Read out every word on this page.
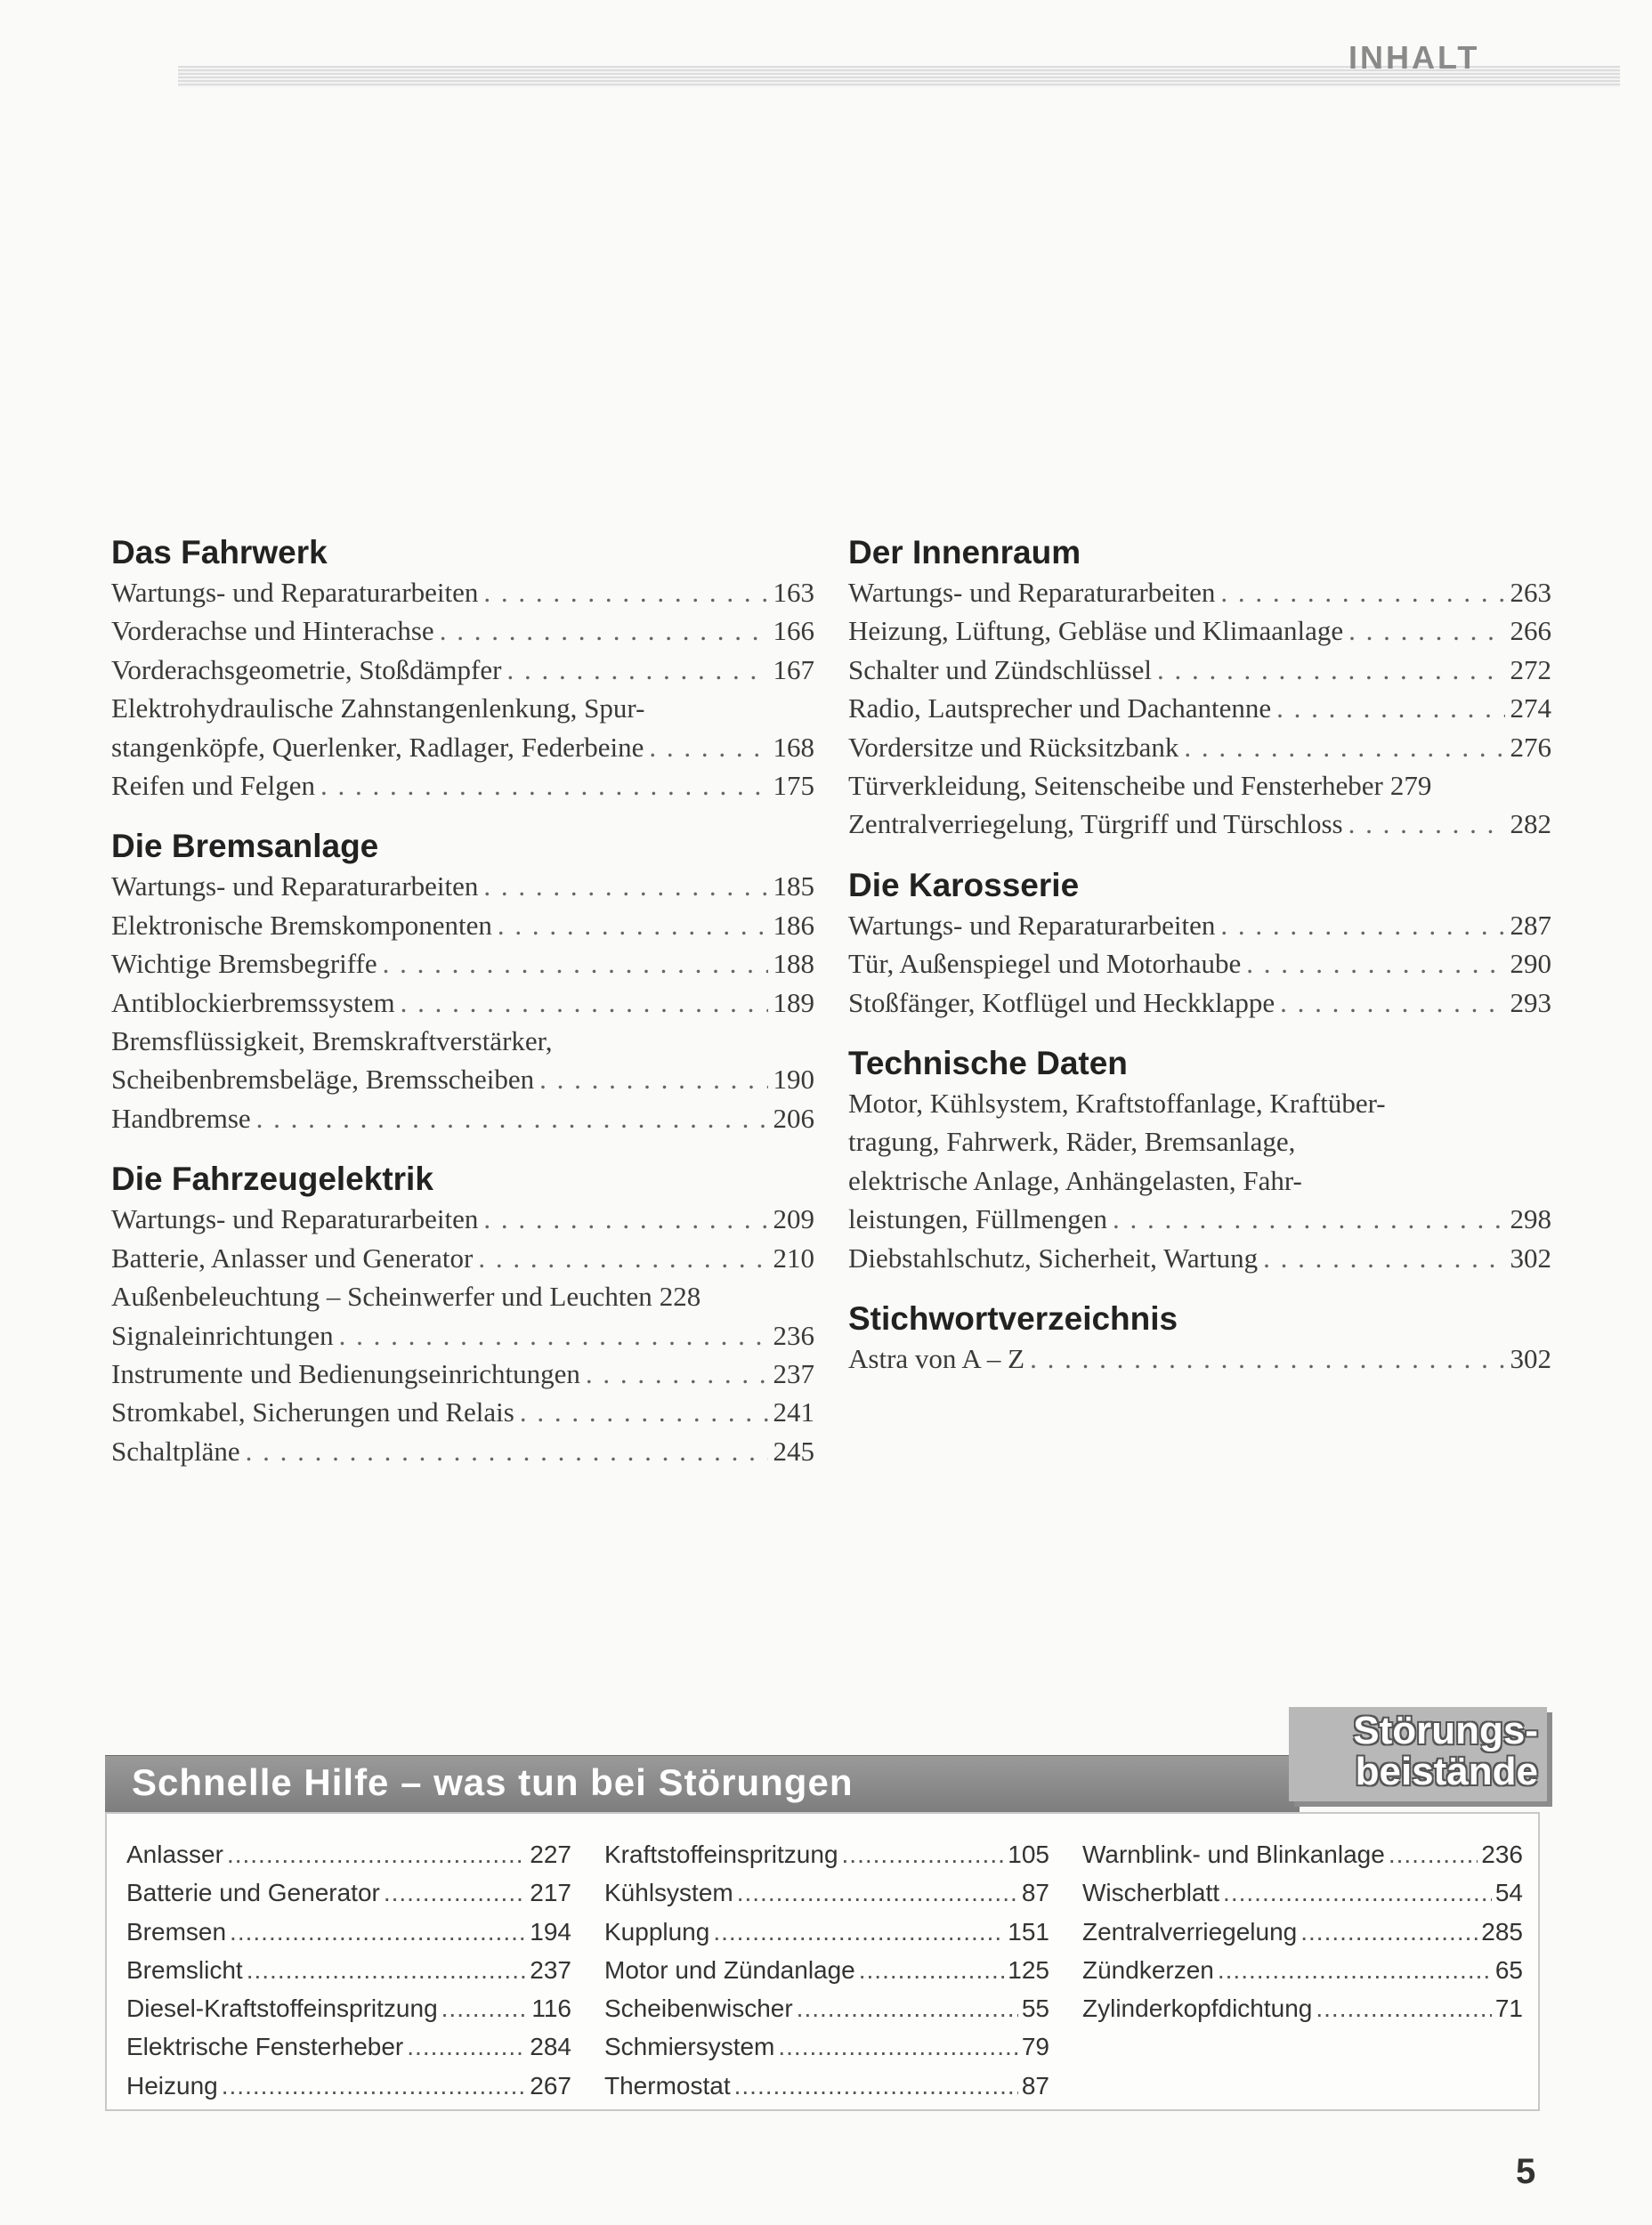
INHALT
Das Fahrwerk
Wartungs- und Reparaturarbeiten . . .	163
Vorderachse und Hinterachse . . .	166
Vorderachsgeometrie, Stoßdämpfer . . .	167
Elektrohydraulische Zahnstangenlenkung, Spur-
stangenköpfe, Querlenker, Radlager, Federbeine . . .	168
Reifen und Felgen . . .	175
Die Bremsanlage
Wartungs- und Reparaturarbeiten . . .	185
Elektronische Bremskomponenten . . .	186
Wichtige Bremsbegriffe . . .	188
Antiblockierbremssystem . . .	189
Bremsflüssigkeit, Bremskraftverstärker,
Scheibenbremsbeläge, Bremsscheiben . . .	190
Handbremse . . .	206
Die Fahrzeugelektrik
Wartungs- und Reparaturarbeiten . . .	209
Batterie, Anlasser und Generator . . .	210
Außenbeleuchtung – Scheinwerfer und Leuchten 228
Signaleinrichtungen . . .	236
Instrumente und Bedienungseinrichtungen . . .	237
Stromkabel, Sicherungen und Relais . . .	241
Schaltpläne . . .	245
Der Innenraum
Wartungs- und Reparaturarbeiten . . .	263
Heizung, Lüftung, Gebläse und Klimaanlage . . .	266
Schalter und Zündschlüssel . . .	272
Radio, Lautsprecher und Dachantenne . . .	274
Vordersitze und Rücksitzbank . . .	276
Türverkleidung, Seitenscheibe und Fensterheber 279
Zentralverriegelung, Türgriff und Türschloss . . .	282
Die Karosserie
Wartungs- und Reparaturarbeiten . . .	287
Tür, Außenspiegel und Motorhaube . . .	290
Stoßfänger, Kotflügel und Heckklappe . . .	293
Technische Daten
Motor, Kühlsystem, Kraftstoffanlage, Kraftüber-
tragung, Fahrwerk, Räder, Bremsanlage,
elektrische Anlage, Anhängelasten, Fahr-
leistungen, Füllmengen . . .	298
Diebstahlschutz, Sicherheit, Wartung . . .	302
Stichwortverzeichnis
Astra von A – Z . . .	302
Schnelle Hilfe – was tun bei Störungen
Störungs-
beistände
Anlasser .....	227
Batterie und Generator .....	217
Bremsen .....	194
Bremslicht .....	237
Diesel-Kraftstoffeinspritzung .....	116
Elektrische Fensterheber .....	284
Heizung .....	267
Kraftstoffeinspritzung .....	105
Kühlsystem .....	87
Kupplung .....	151
Motor und Zündanlage .....	125
Scheibenwischer .....	55
Schmiersystem .....	79
Thermostat .....	87
Warnblink- und Blinkanlage .....	236
Wischerblatt .....	54
Zentralverriegelung .....	285
Zündkerzen .....	65
Zylinderkopfdichtung .....	71
5
